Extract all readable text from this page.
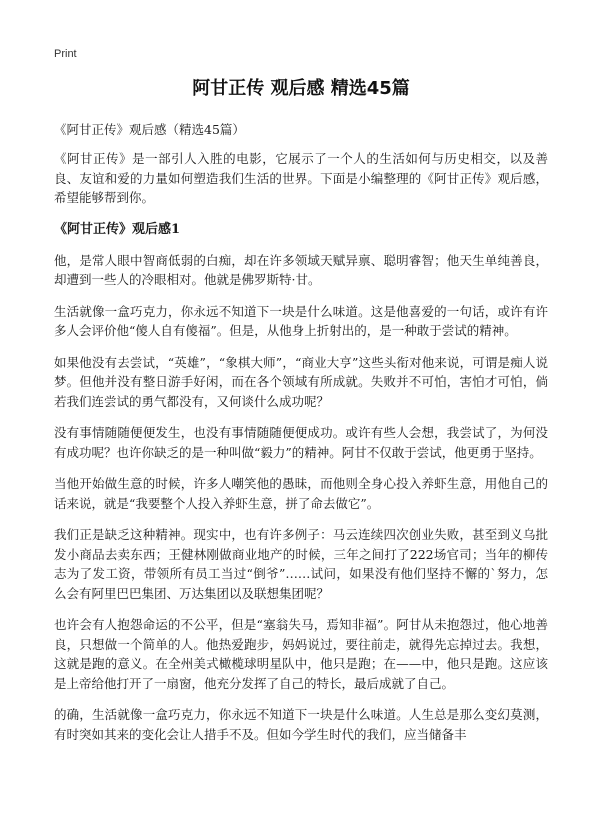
Print
阿甘正传 观后感 精选45篇

《阿甘正传》观后感（精选45篇）

《阿甘正传》是一部引人入胜的电影，它展示了一个人的生活如何与历史相交，以及善良、友谊和爱的力量如何塑造我们生活的世界。下面是小编整理的《阿甘正传》观后感，希望能够帮到你。

《阿甘正传》观后感1

他，是常人眼中智商低弱的白痴，却在许多领域天赋异禀、聪明睿智；他天生单纯善良，却遭到一些人的冷眼相对。他就是佛罗斯特·甘。

生活就像一盒巧克力，你永远不知道下一块是什么味道。这是他喜爱的一句话，或许有许多人会评价他“傻人自有傻福”。但是，从他身上折射出的，是一种敢于尝试的精神。

如果他没有去尝试，“英雄”，“象棋大师”，“商业大亨”这些头衔对他来说，可谓是痴人说梦。但他并没有整日游手好闲，而在各个领域有所成就。失败并不可怕，害怕才可怕，倘若我们连尝试的勇气都没有，又何谈什么成功呢？

没有事情随随便便发生，也没有事情随随便便成功。或许有些人会想，我尝试了，为何没有成功呢？也许你缺乏的是一种叫做“毅力”的精神。阿甘不仅敢于尝试，他更勇于坚持。

当他开始做生意的时候，许多人嘲笑他的愚昧，而他则全身心投入养虾生意，用他自己的话来说，就是“我要整个人投入养虾生意，拼了命去做它”。

我们正是缺乏这种精神。现实中，也有许多例子：马云连续四次创业失败，甚至到义乌批发小商品去卖东西；王健林刚做商业地产的时候，三年之间打了222场官司；当年的柳传志为了发工资，带领所有员工当过“倒爷”……试问，如果没有他们坚持不懈的`努力，怎么会有阿里巴巴集团、万达集团以及联想集团呢？

也许会有人抱怨命运的不公平，但是“塞翁失马，焉知非福”。阿甘从未抱怨过，他心地善良，只想做一个简单的人。他热爱跑步，妈妈说过，要往前走，就得先忘掉过去。我想，这就是跑的意义。在全州美式橄榄球明星队中，他只是跑；在——中，他只是跑。这应该是上帝给他打开了一扇窗，他充分发挥了自己的特长，最后成就了自己。

的确，生活就像一盒巧克力，你永远不知道下一块是什么味道。人生总是那么变幻莫测，有时突如其来的变化会让人措手不及。但如今学生时代的我们，应当储备丰
